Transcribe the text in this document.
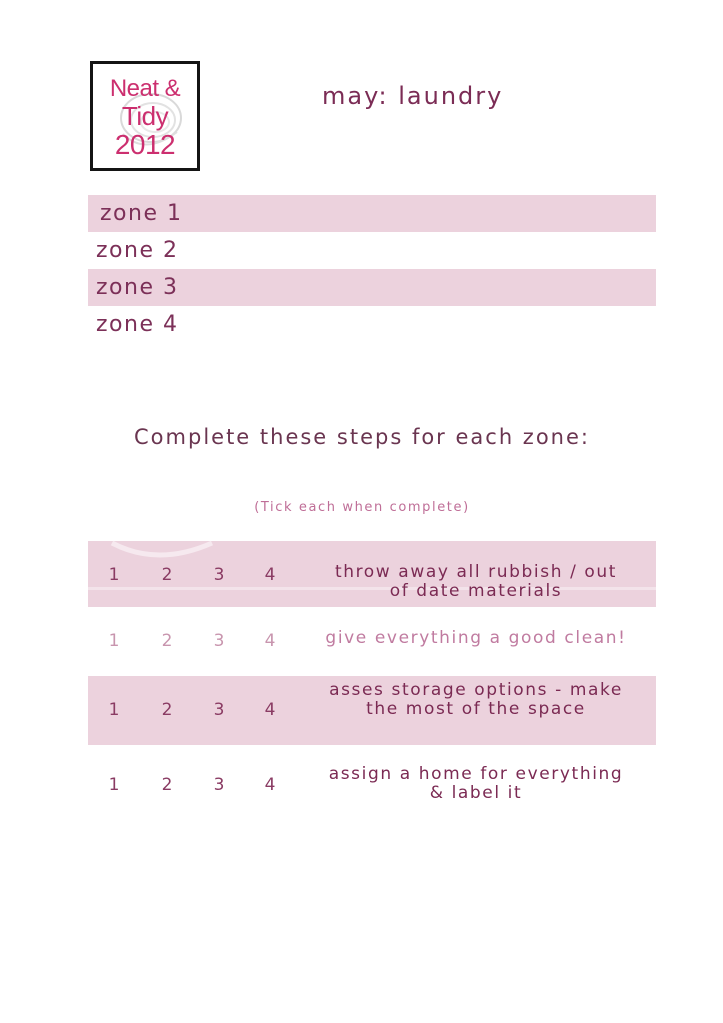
Neat &
Tidy
2012
may: laundry
zone 1
zone 2
zone 3
zone 4
Complete these steps for each zone:
(Tick each when complete)
1 2 3 4	throw away all rubbish / out of date materials
1 2 3 4	give everything a good clean!
1 2 3 4
asses storage options - make the most of the space
1 2 3 4
assign a home for everything & label it
